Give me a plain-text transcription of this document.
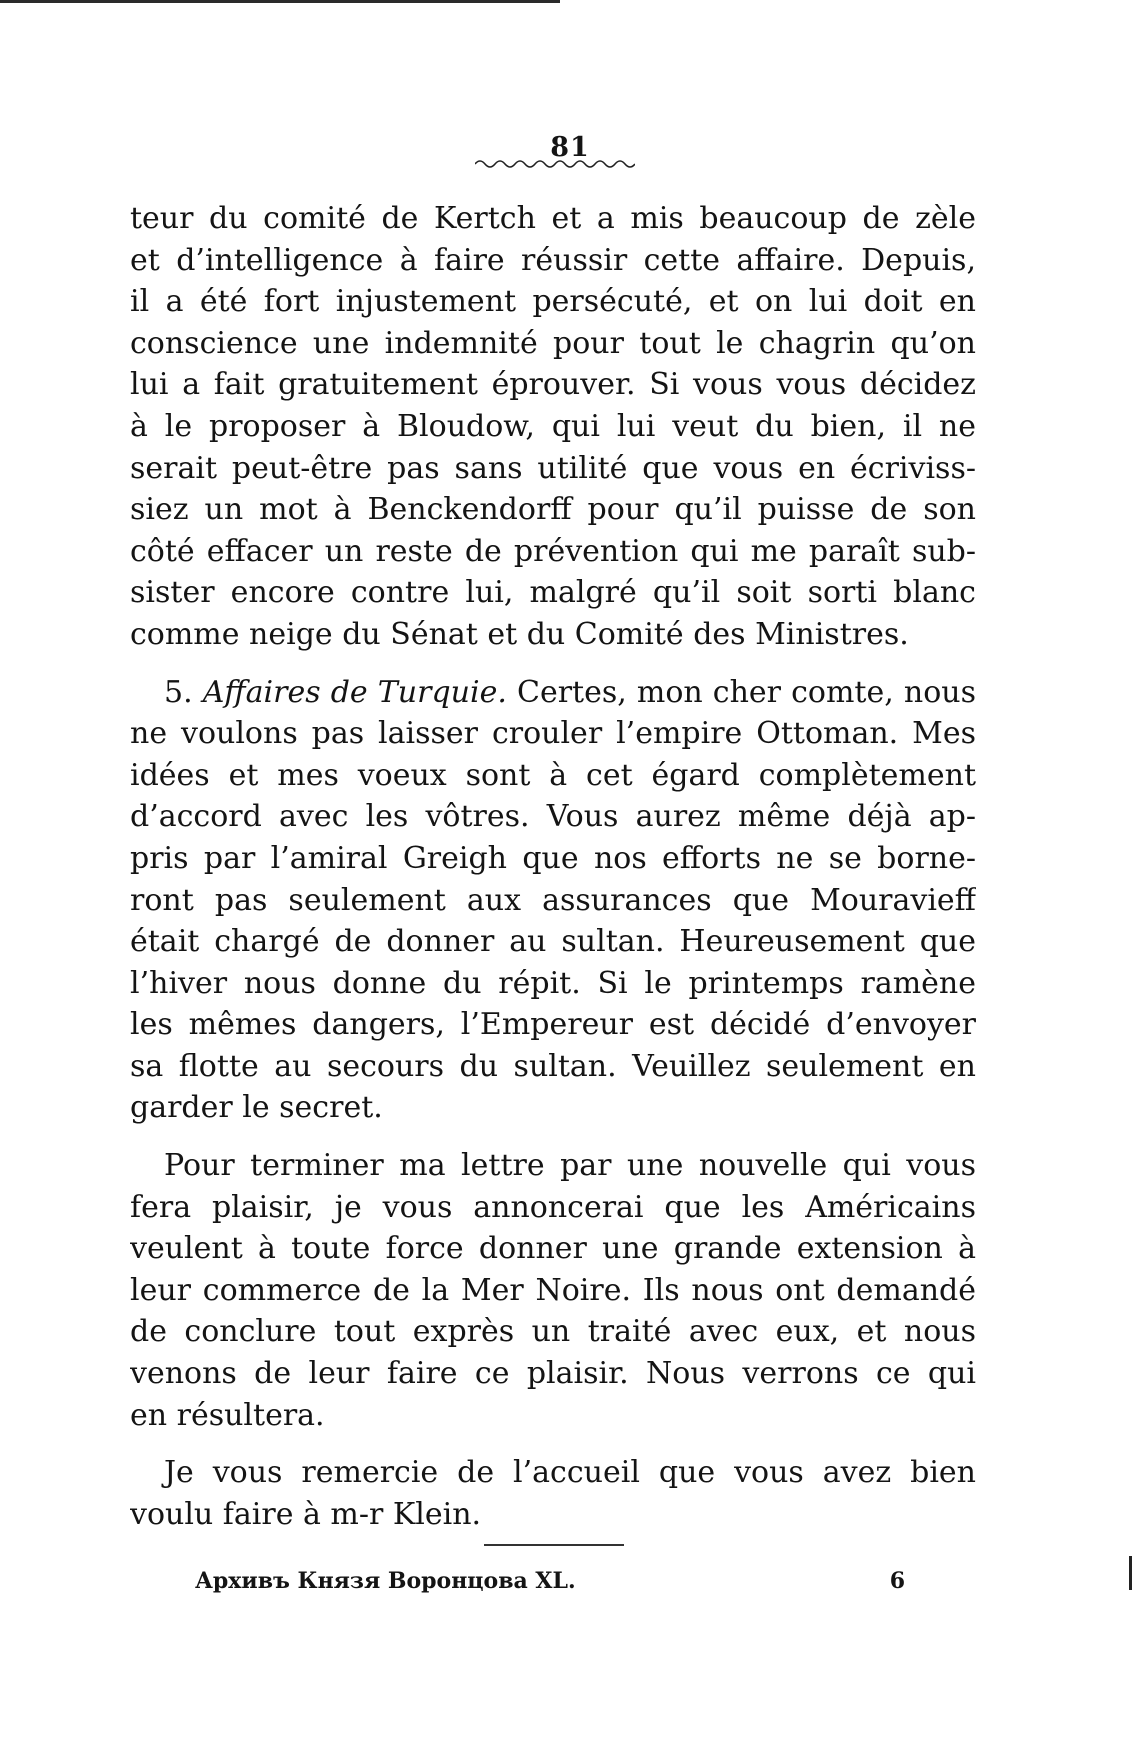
81
teur du comité de Kertch et a mis beaucoup de zèle
et d’intelligence à faire réussir cette affaire. Depuis,
il a été fort injustement persécuté, et on lui doit en
conscience une indemnité pour tout le chagrin qu’on
lui a fait gratuitement éprouver. Si vous vous décidez
à le proposer à Bloudow, qui lui veut du bien, il ne
serait peut-être pas sans utilité que vous en écriviss-
siez un mot à Benckendorff pour qu’il puisse de son
côté effacer un reste de prévention qui me paraît sub-
sister encore contre lui, malgré qu’il soit sorti blanc
comme neige du Sénat et du Comité des Ministres.
5. Affaires de Turquie. Certes, mon cher comte, nous
ne voulons pas laisser crouler l’empire Ottoman. Mes
idées et mes voeux sont à cet égard complètement
d’accord avec les vôtres. Vous aurez même déjà ap-
pris par l’amiral Greigh que nos efforts ne se borne-
ront pas seulement aux assurances que Mouravieff
était chargé de donner au sultan. Heureusement que
l’hiver nous donne du répit. Si le printemps ramène
les mêmes dangers, l’Empereur est décidé d’envoyer
sa flotte au secours du sultan. Veuillez seulement en
garder le secret.
Pour terminer ma lettre par une nouvelle qui vous
fera plaisir, je vous annoncerai que les Américains
veulent à toute force donner une grande extension à
leur commerce de la Mer Noire. Ils nous ont demandé
de conclure tout exprès un traité avec eux, et nous
venons de leur faire ce plaisir. Nous verrons ce qui
en résultera.
Je vous remercie de l’accueil que vous avez bien
voulu faire à m-r Klein.
Архивъ Князя Воронцова XL.	6
